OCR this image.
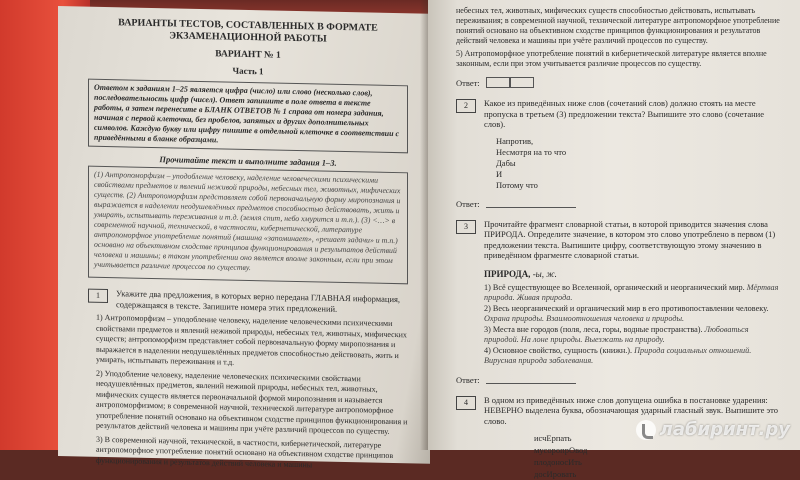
ВАРИАНТЫ ТЕСТОВ, СОСТАВЛЕННЫХ В ФОРМАТЕ ЭКЗАМЕНАЦИОННОЙ РАБОТЫ
ВАРИАНТ № 1
Часть 1
Ответом к заданиям 1–25 является цифра (число) или слово (несколько слов), последовательность цифр (чисел). Ответ запишите в поле ответа в тексте работы, а затем перенесите в БЛАНК ОТВЕТОВ № 1 справа от номера задания, начиная с первой клеточки, без пробелов, запятых и других дополнительных символов. Каждую букву или цифру пишите в отдельной клеточке в соответствии с приведёнными в бланке образцами.
Прочитайте текст и выполните задания 1–3.
(1) Антропоморфизм – уподобление человеку, наделение человеческими психическими свойствами предметов и явлений неживой природы, небесных тел, животных, мифических существ. (2) Антропоморфизм представляет собой первоначальную форму миропознания и выражается в наделении неодушевлённых предметов способностью действовать, жить и умирать, испытывать переживания и т.д. (земля спит, небо хмурится и т.п.). (3) <…> в современной научной, технической, в частности, кибернетической, литературе антропоморфное употребление понятий (машина «запоминает», «решает задачи» и т.п.) основано на объективном сходстве принципов функционирования и результатов действий человека и машины; в таком употреблении оно является вполне законным, если при этом учитывается различие процессов по существу.
1	Укажите два предложения, в которых верно передана ГЛАВНАЯ информация, содержащаяся в тексте. Запишите номера этих предложений.

1) Антропоморфизм – уподобление человеку, наделение человеческими психическими свойствами предметов и явлений неживой природы, небесных тел, животных, мифических существ; антропоморфизм представляет собой первоначальную форму миропознания и выражается в наделении неодушевлённых предметов способностью действовать, жить и умирать, испытывать переживания и т.д.

2) Уподобление человеку, наделение человеческих психическими свойствами неодушевлённых предметов, явлений неживой природы, небесных тел, животных, мифических существ является первоначальной формой миропознания и называется антропоморфизмом; в современной научной, технической литературе антропоморфное употребление понятий основано на объективном сходстве принципов функционирования и результатов действий человека и машины при учёте различий процессов по существу.

3) В современной научной, технической, в частности, кибернетической, литературе антропоморфное употребление понятий основано на объективном сходстве принципов функционирования и результатов действий человека и машины

небесных тел, животных, мифических существ способностью действовать, испытывать переживания; в современной научной, технической литературе антропоморфное употребление понятий основано на объективном сходстве принципов функционирования и результатов действий человека и машины при учёте различий процессов по существу.
5) Антропоморфное употребление понятий в кибернетической литературе является вполне законным, если при этом учитывается различие процессов по существу.
Ответ:
2	Какое из приведённых ниже слов (сочетаний слов) должно стоять на месте пропуска в третьем (3) предложении текста? Выпишите это слово (сочетание слов).
Напротив,
Несмотря на то что
Дабы
И
Потому что
Ответ:
3	Прочитайте фрагмент словарной статьи, в которой приводится значения слова ПРИРОДА. Определите значение, в котором это слово употреблено в первом (1) предложении текста. Выпишите цифру, соответствующую этому значению в приведённом фрагменте словарной статьи.
ПРИРОДА, -ы, ж.
1) Всё существующее во Вселенной, органический и неорганический мир. Мёртвая природа. Живая природа.
2) Весь неорганический и органический мир в его противопоставлении человеку. Охрана природы. Взаимоотношения человека и природы.
3) Места вне городов (поля, леса, горы, водные пространства). Любоваться природой. На лоне природы. Выезжать на природу.
4) Основное свойство, сущность (книжн.). Природа социальных отношений. Вирусная природа заболевания.
Ответ:
4	В одном из приведённых ниже слов допущена ошибка в постановке ударения: НЕВЕРНО выделена буква, обозначающая ударный гласный звук. Выпишите это слово.
исчЕрпать
мусоропрОвод
плодоносИть
досИровать
лабиринт.ру
